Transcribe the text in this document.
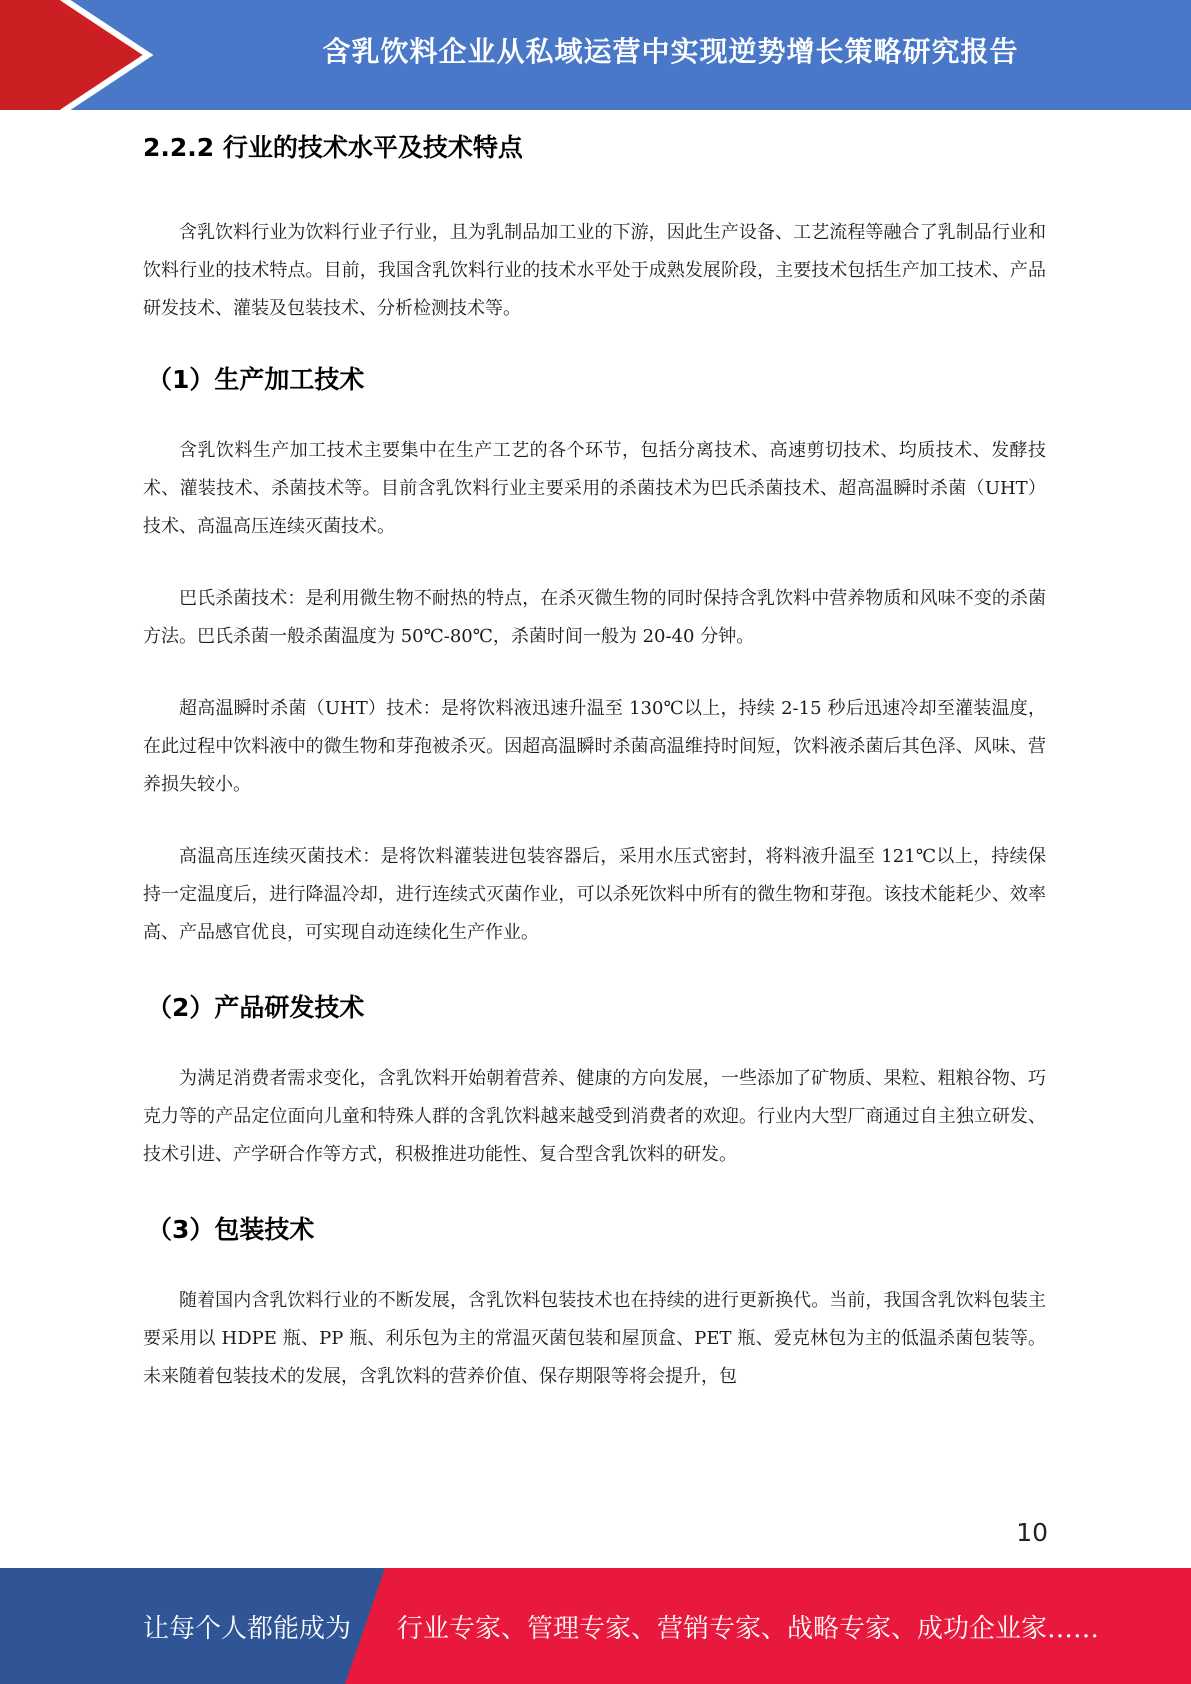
含乳饮料企业从私域运营中实现逆势增长策略研究报告
2.2.2 行业的技术水平及技术特点

含乳饮料行业为饮料行业子行业，且为乳制品加工业的下游，因此生产设备、工艺流程等融合了乳制品行业和饮料行业的技术特点。目前，我国含乳饮料行业的技术水平处于成熟发展阶段，主要技术包括生产加工技术、产品研发技术、灌装及包装技术、分析检测技术等。

（1）生产加工技术

含乳饮料生产加工技术主要集中在生产工艺的各个环节，包括分离技术、高速剪切技术、均质技术、发酵技术、灌装技术、杀菌技术等。目前含乳饮料行业主要采用的杀菌技术为巴氏杀菌技术、超高温瞬时杀菌（UHT）技术、高温高压连续灭菌技术。

巴氏杀菌技术：是利用微生物不耐热的特点，在杀灭微生物的同时保持含乳饮料中营养物质和风味不变的杀菌方法。巴氏杀菌一般杀菌温度为 50℃-80℃，杀菌时间一般为 20-40 分钟。

超高温瞬时杀菌（UHT）技术：是将饮料液迅速升温至 130℃以上，持续 2-15 秒后迅速冷却至灌装温度，在此过程中饮料液中的微生物和芽孢被杀灭。因超高温瞬时杀菌高温维持时间短，饮料液杀菌后其色泽、风味、营养损失较小。

高温高压连续灭菌技术：是将饮料灌装进包装容器后，采用水压式密封，将料液升温至 121℃以上，持续保持一定温度后，进行降温冷却，进行连续式灭菌作业，可以杀死饮料中所有的微生物和芽孢。该技术能耗少、效率高、产品感官优良，可实现自动连续化生产作业。

（2）产品研发技术

为满足消费者需求变化，含乳饮料开始朝着营养、健康的方向发展，一些添加了矿物质、果粒、粗粮谷物、巧克力等的产品定位面向儿童和特殊人群的含乳饮料越来越受到消费者的欢迎。行业内大型厂商通过自主独立研发、技术引进、产学研合作等方式，积极推进功能性、复合型含乳饮料的研发。

（3）包装技术

随着国内含乳饮料行业的不断发展，含乳饮料包装技术也在持续的进行更新换代。当前，我国含乳饮料包装主要采用以 HDPE 瓶、PP 瓶、利乐包为主的常温灭菌包装和屋顶盒、PET 瓶、爱克林包为主的低温杀菌包装等。未来随着包装技术的发展，含乳饮料的营养价值、保存期限等将会提升，包

10
让每个人都能成为 行业专家、管理专家、营销专家、战略专家、成功企业家……
